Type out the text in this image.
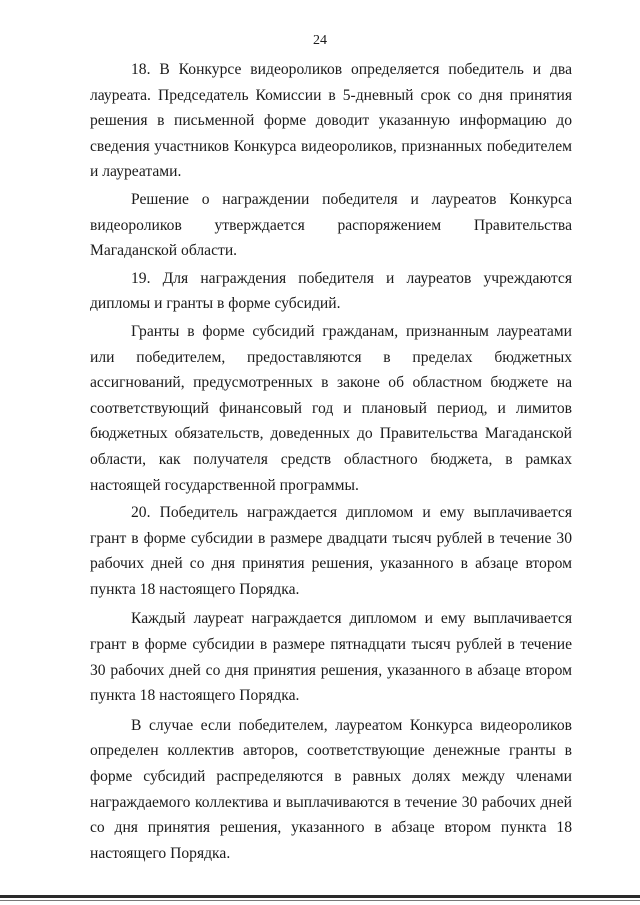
24

18. В Конкурсе видеороликов определяется победитель и два лауреата. Председатель Комиссии в 5-дневный срок со дня принятия решения в письменной форме доводит указанную информацию до сведения участников Конкурса видеороликов, признанных победителем и лауреатами.

Решение о награждении победителя и лауреатов Конкурса видеороликов утверждается распоряжением Правительства Магаданской области.

19. Для награждения победителя и лауреатов учреждаются дипломы и гранты в форме субсидий.

Гранты в форме субсидий гражданам, признанным лауреатами или победителем, предоставляются в пределах бюджетных ассигнований, предусмотренных в законе об областном бюджете на соответствующий финансовый год и плановый период, и лимитов бюджетных обязательств, доведенных до Правительства Магаданской области, как получателя средств областного бюджета, в рамках настоящей государственной программы.

20. Победитель награждается дипломом и ему выплачивается грант в форме субсидии в размере двадцати тысяч рублей в течение 30 рабочих дней со дня принятия решения, указанного в абзаце втором пункта 18 настоящего Порядка.

Каждый лауреат награждается дипломом и ему выплачивается грант в форме субсидии в размере пятнадцати тысяч рублей в течение 30 рабочих дней со дня принятия решения, указанного в абзаце втором пункта 18 настоящего Порядка.

В случае если победителем, лауреатом Конкурса видеороликов определен коллектив авторов, соответствующие денежные гранты в форме субсидий распределяются в равных долях между членами награждаемого коллектива и выплачиваются в течение 30 рабочих дней со дня принятия решения, указанного в абзаце втором пункта 18 настоящего Порядка.
